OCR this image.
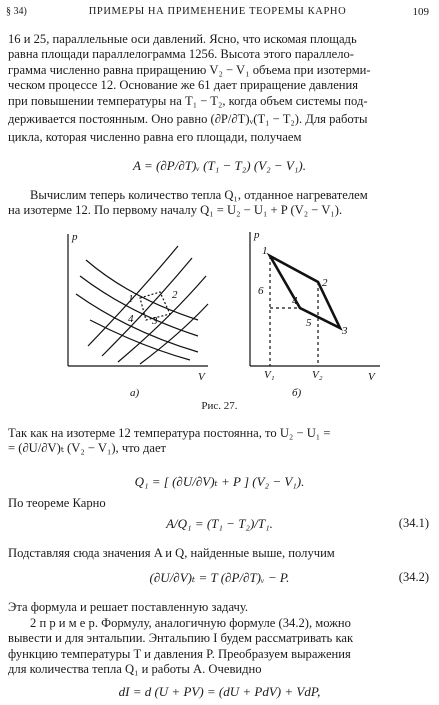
§ 34)	ПРИМЕРЫ НА ПРИМЕНЕНИЕ ТЕОРЕМЫ КАРНО	109
16 и 25, параллельные оси давлений. Ясно, что искомая площадь
равна площади параллелограмма 1256. Высота этого параллело-
грамма численно равна приращению V₂ − V₁ объема при изотерми-
ческом процессе 12. Основание же 61 дает приращение давления
при повышении температуры на T₁ − T₂, когда объем системы под-
держивается постоянным. Оно равно (∂P/∂T)ᵥ(T₁ − T₂). Для работы
цикла, которая численно равна его площади, получаем
A = (∂P/∂T)ᵥ (T₁ − T₂) (V₂ − V₁).
Вычислим теперь количество тепла Q₁, отданное нагревателем
на изотерме 12. По первому началу Q₁ = U₂ − U₁ + P (V₂ − V₁).
p
V
1	2
3
4
a)
p
V
1
2
3
4
5
6
V₁	V₂
б)
Рис. 27.
Так как на изотерме 12 температура постоянна, то U₂ − U₁ =
= (∂U/∂V)ₜ (V₂ − V₁), что дает
Q₁ = [ (∂U/∂V)ₜ + P ] (V₂ − V₁).
По теореме Карно
A/Q₁ = (T₁ − T₂)/T₁.	(34.1)
Подставляя сюда значения A и Q, найденные выше, получим
(∂U/∂V)ₜ = T (∂P/∂T)ᵥ − P.	(34.2)
Эта формула и решает поставленную задачу.
2 п р и м е р. Формулу, аналогичную формуле (34.2), можно
вывести и для энтальпии. Энтальпию I будем рассматривать как
функцию температуры T и давления P. Преобразуем выражения
для количества тепла Q₁ и работы A. Очевидно
dI = d (U + PV) = (dU + PdV) + VdP,
